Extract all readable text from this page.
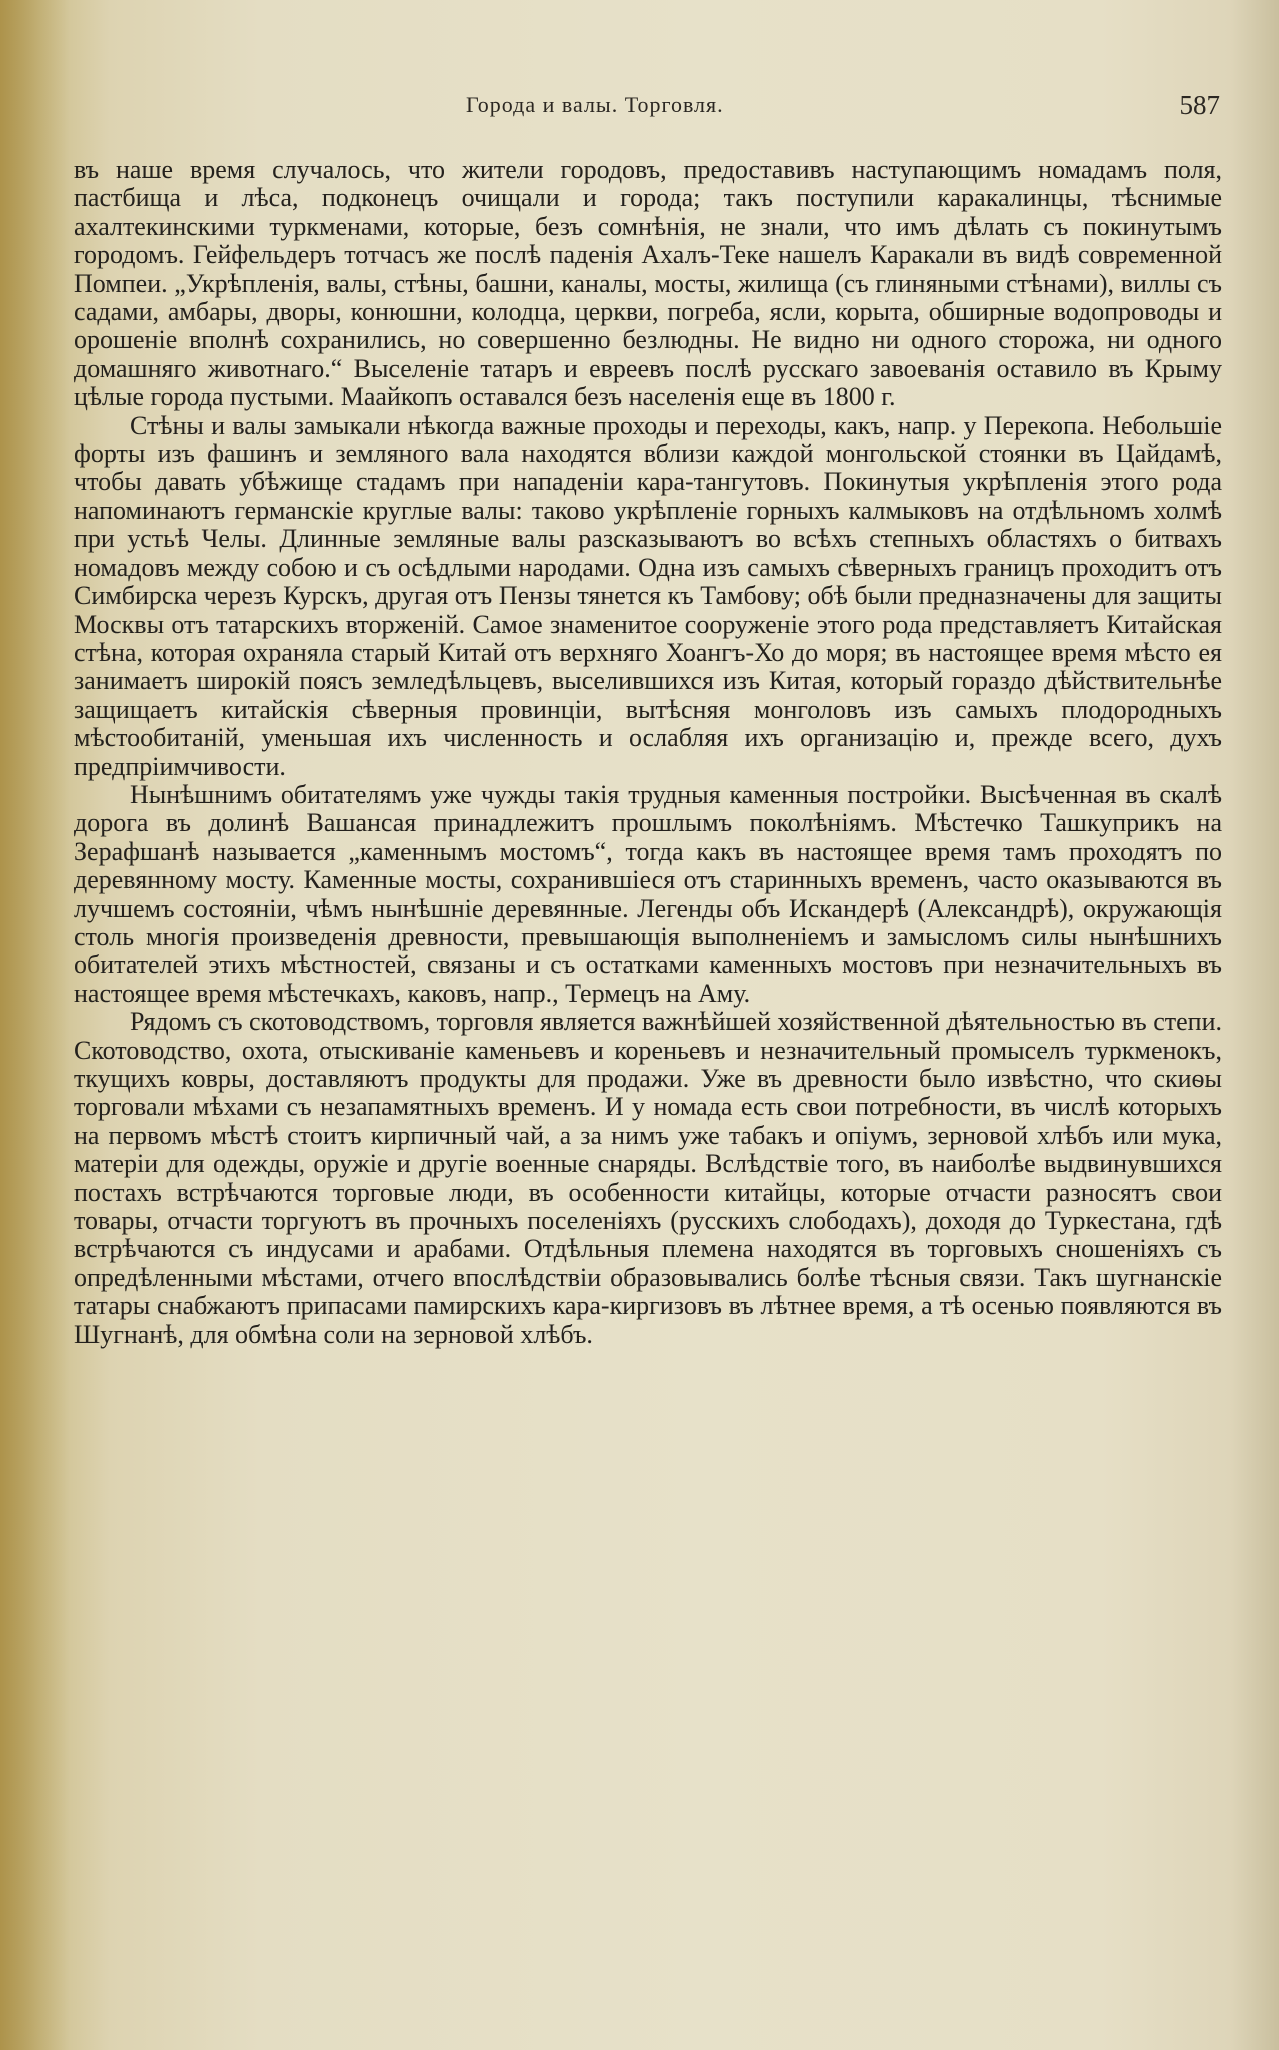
Города и валы. Торговля.	587

въ наше время случалось, что жители городовъ, предоставивъ наступающимъ номадамъ поля, пастбища и лѣса, подконецъ очищали и города; такъ поступили каракалинцы, тѣснимые ахалтекинскими туркменами, которые, безъ сомнѣнія, не знали, что имъ дѣлать съ покинутымъ городомъ. Гейфельдеръ тотчасъ же послѣ паденія Ахалъ-Теке нашелъ Каракали въ видѣ современной Помпеи. „Укрѣпленія, валы, стѣны, башни, каналы, мосты, жилища (съ глиняными стѣнами), виллы съ садами, амбары, дворы, конюшни, колодца, церкви, погреба, ясли, корыта, обширные водопроводы и орошеніе вполнѣ сохранились, но совершенно безлюдны. Не видно ни одного сторожа, ни одного домашняго животнаго.“ Выселеніе татаръ и евреевъ послѣ русскаго завоеванія оставило въ Крыму цѣлые города пустыми. Маайкопъ оставался безъ населенія еще въ 1800 г.

Стѣны и валы замыкали нѣкогда важные проходы и переходы, какъ, напр. у Перекопа. Небольшіе форты изъ фашинъ и земляного вала находятся вблизи каждой монгольской стоянки въ Цайдамѣ, чтобы давать убѣжище стадамъ при нападеніи кара-тангутовъ. Покинутыя укрѣпленія этого рода напоминаютъ германскіе круглые валы: таково укрѣпленіе горныхъ калмыковъ на отдѣльномъ холмѣ при устьѣ Челы. Длинные земляные валы разсказываютъ во всѣхъ степныхъ областяхъ о битвахъ номадовъ между собою и съ осѣдлыми народами. Одна изъ самыхъ сѣверныхъ границъ проходитъ отъ Симбирска черезъ Курскъ, другая отъ Пензы тянется къ Тамбову; обѣ были предназначены для защиты Москвы отъ татарскихъ вторженій. Самое знаменитое сооруженіе этого рода представляетъ Китайская стѣна, которая охраняла старый Китай отъ верхняго Хоангъ-Хо до моря; въ настоящее время мѣсто ея занимаетъ широкій поясъ земледѣльцевъ, выселившихся изъ Китая, который гораздо дѣйствительнѣе защищаетъ китайскія сѣверныя провинціи, вытѣсняя монголовъ изъ самыхъ плодородныхъ мѣстообитаній, уменьшая ихъ численность и ослабляя ихъ организацію и, прежде всего, духъ предпріимчивости.

Нынѣшнимъ обитателямъ уже чужды такія трудныя каменныя постройки. Высѣченная въ скалѣ дорога въ долинѣ Вашансая принадлежитъ прошлымъ поколѣніямъ. Мѣстечко Ташкуприкъ на Зерафшанѣ называется „каменнымъ мостомъ“, тогда какъ въ настоящее время тамъ проходятъ по деревянному мосту. Каменные мосты, сохранившіеся отъ старинныхъ временъ, часто оказываются въ лучшемъ состояніи, чѣмъ нынѣшніе деревянные. Легенды объ Искандерѣ (Александрѣ), окружающія столь многія произведенія древности, превышающія выполненіемъ и замысломъ силы нынѣшнихъ обитателей этихъ мѣстностей, связаны и съ остатками каменныхъ мостовъ при незначительныхъ въ настоящее время мѣстечкахъ, каковъ, напр., Термецъ на Аму.

Рядомъ съ скотоводствомъ, торговля является важнѣйшей хозяйственной дѣятельностью въ степи. Скотоводство, охота, отыскиваніе каменьевъ и кореньевъ и незначительный промыселъ туркменокъ, ткущихъ ковры, доставляютъ продукты для продажи. Уже въ древности было извѣстно, что скиѳы торговали мѣхами съ незапамятныхъ временъ. И у номада есть свои потребности, въ числѣ которыхъ на первомъ мѣстѣ стоитъ кирпичный чай, а за нимъ уже табакъ и опіумъ, зерновой хлѣбъ или мука, матеріи для одежды, оружіе и другіе военные снаряды. Вслѣдствіе того, въ наиболѣе выдвинувшихся постахъ встрѣчаются торговые люди, въ особенности китайцы, которые отчасти разносятъ свои товары, отчасти торгуютъ въ прочныхъ поселеніяхъ (русскихъ слободахъ), доходя до Туркестана, гдѣ встрѣчаются съ индусами и арабами. Отдѣльныя племена находятся въ торговыхъ сношеніяхъ съ опредѣленными мѣстами, отчего впослѣдствіи образовывались болѣе тѣсныя связи. Такъ шугнанскіе татары снабжаютъ припасами памирскихъ кара-киргизовъ въ лѣтнее время, а тѣ осенью появляются въ Шугнанѣ, для обмѣна соли на зерновой хлѣбъ.
